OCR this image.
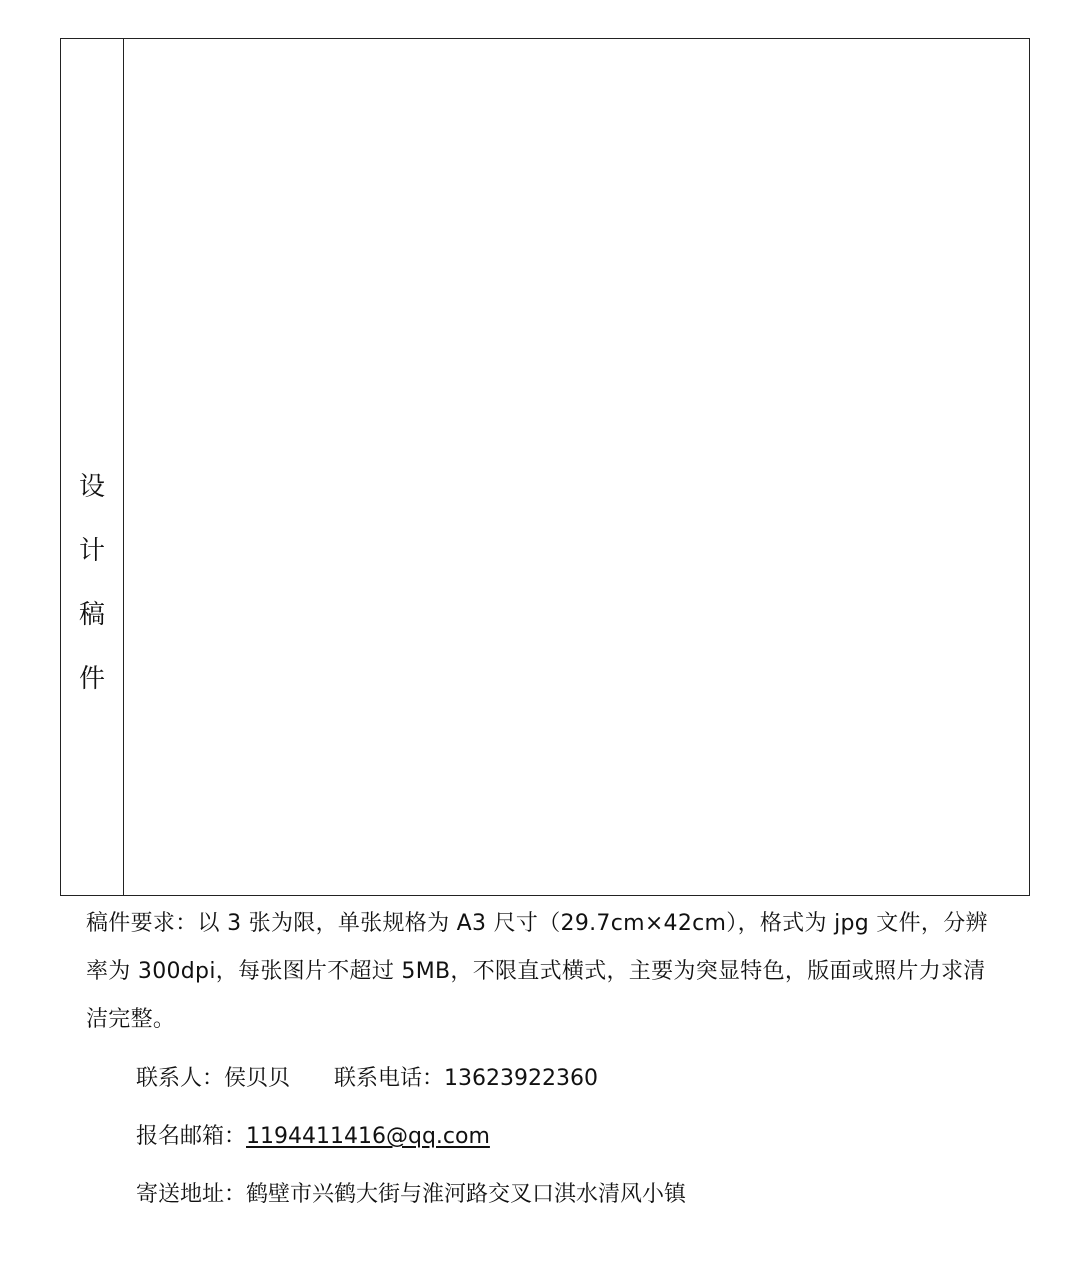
设
计
稿
件
稿件要求：以 3 张为限，单张规格为 A3 尺寸（29.7cm×42cm），格式为 jpg 文件，分辨率为 300dpi，每张图片不超过 5MB，不限直式横式，主要为突显特色，版面或照片力求清洁完整。
联系人：侯贝贝 联系电话：13623922360
报名邮箱：1194411416@qq.com
寄送地址：鹤壁市兴鹤大街与淮河路交叉口淇水清风小镇
